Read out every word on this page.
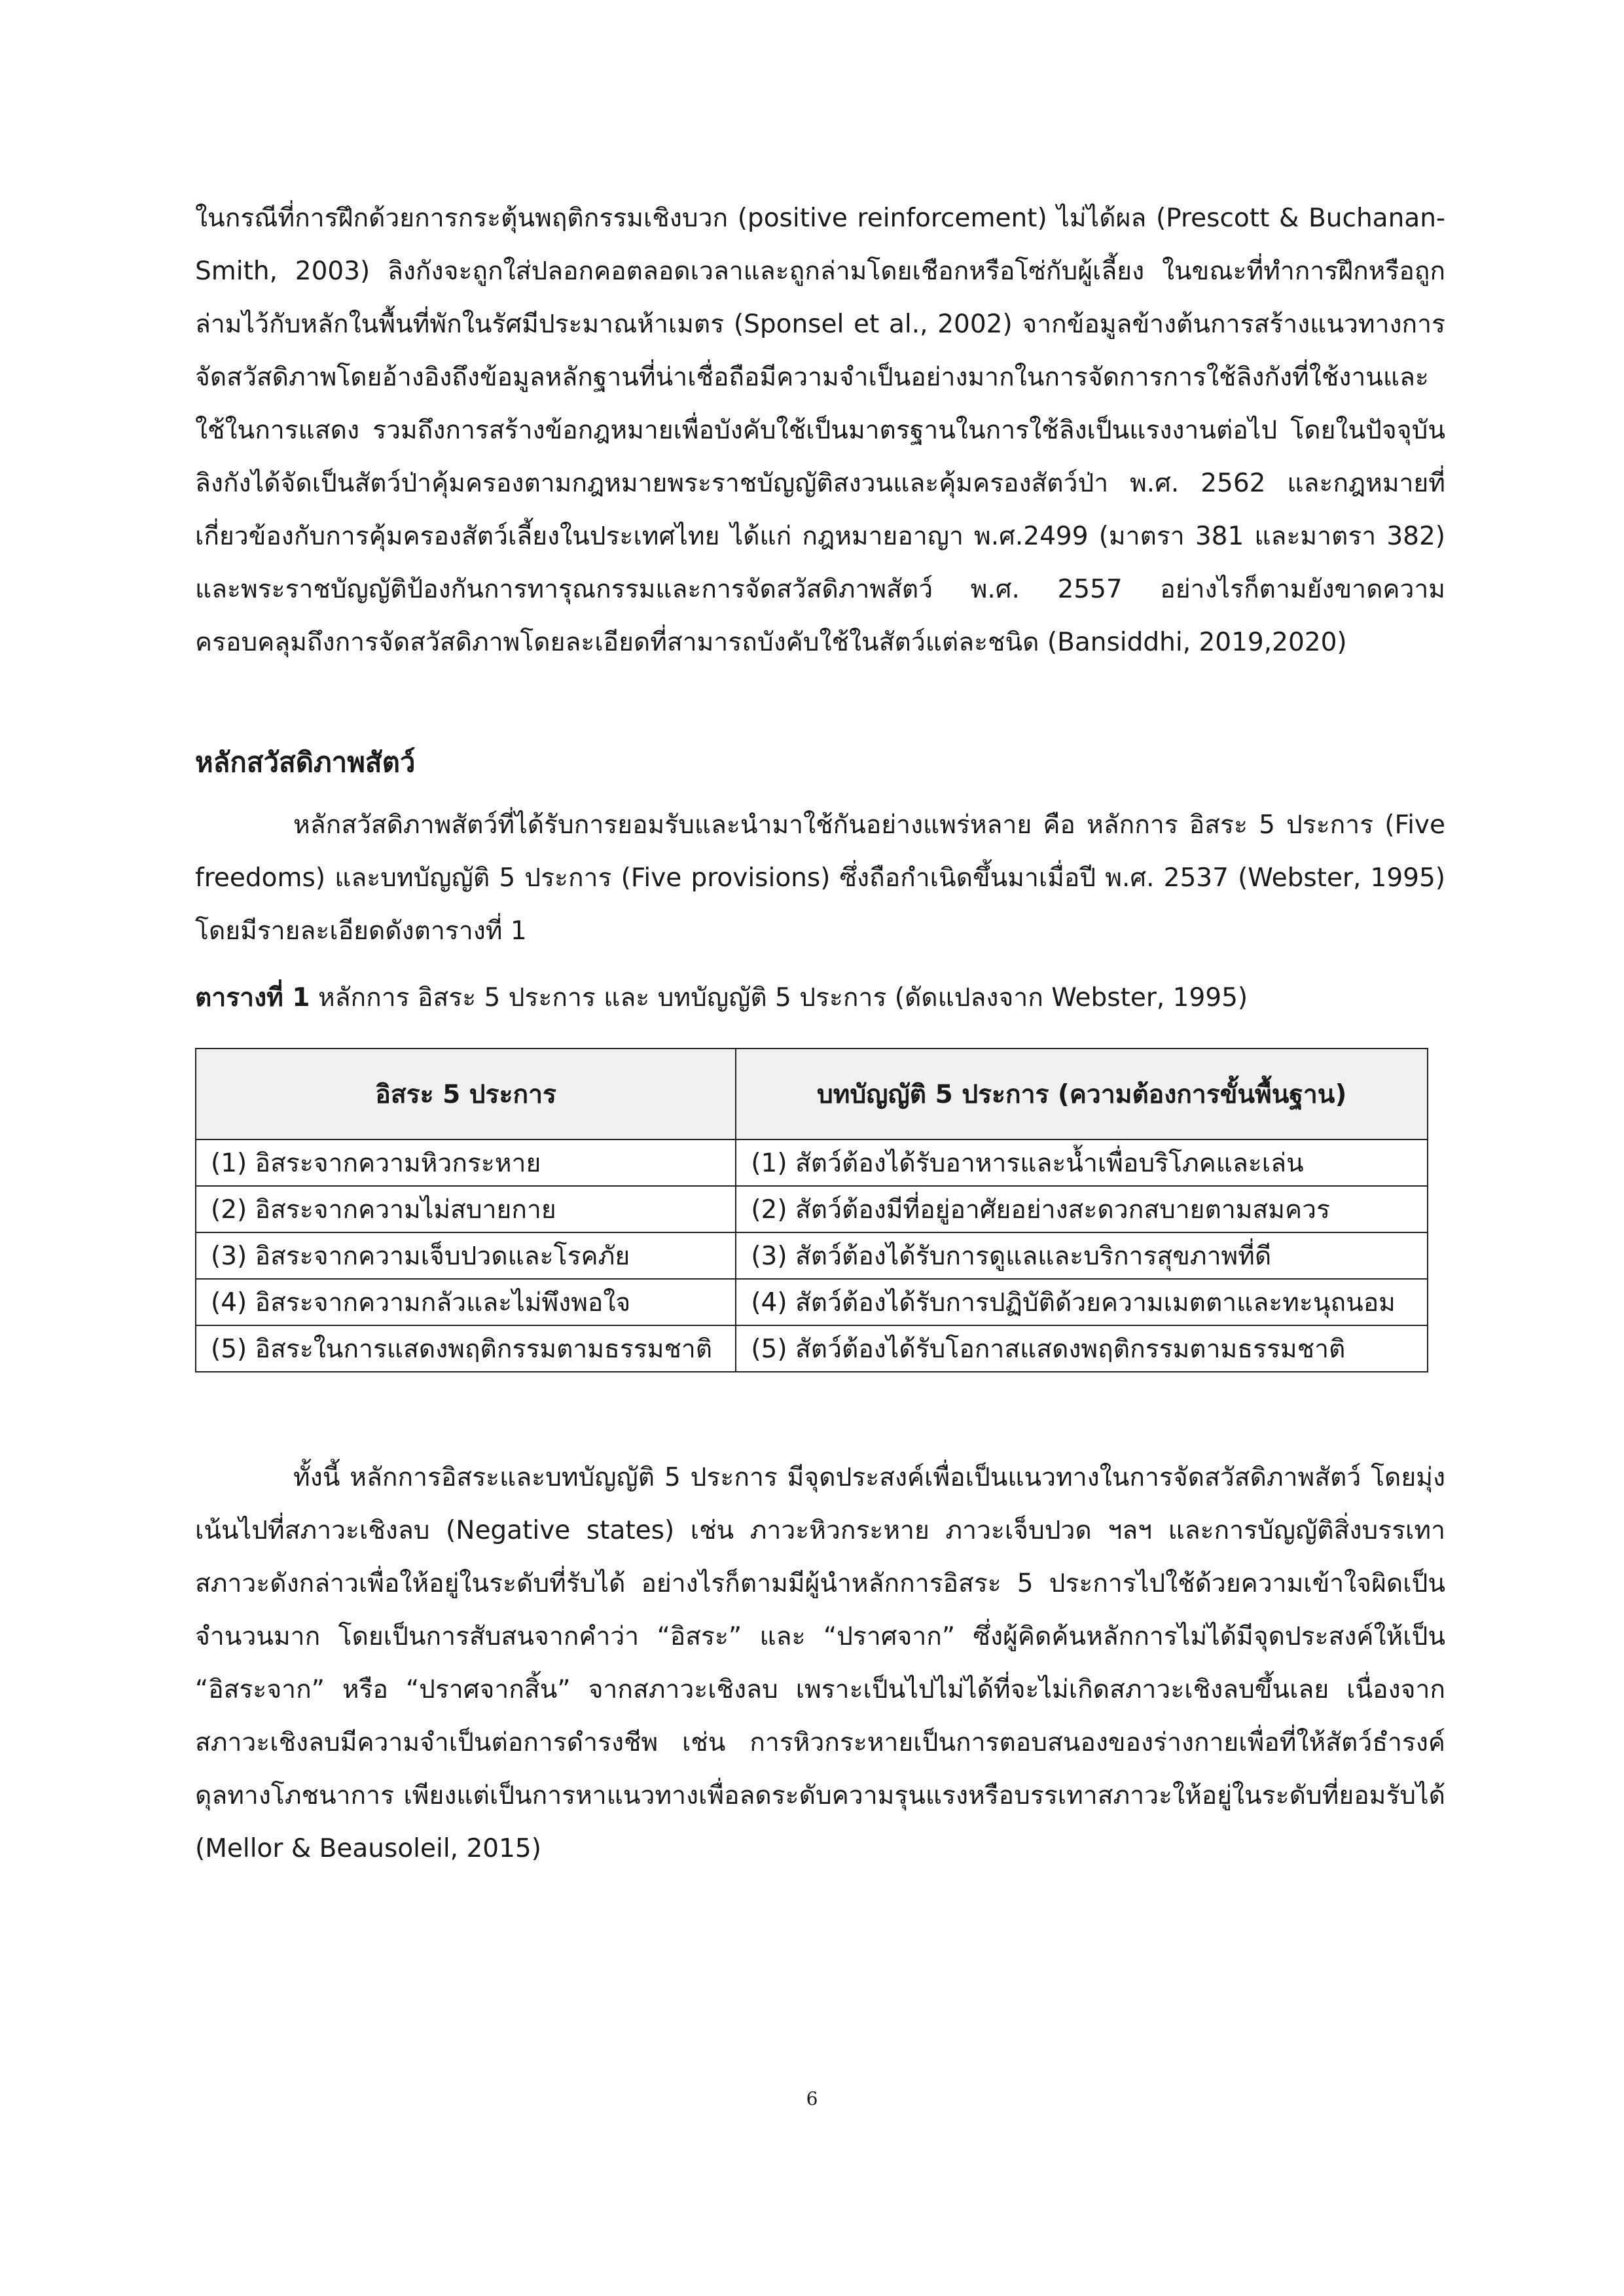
ในกรณีที่การฝึกด้วยการกระตุ้นพฤติกรรมเชิงบวก (positive reinforcement) ไม่ได้ผล (Prescott & Buchanan-Smith, 2003) ลิงกังจะถูกใส่ปลอกคอตลอดเวลาและถูกล่ามโดยเชือกหรือโซ่กับผู้เลี้ยง ในขณะที่ทำการฝึกหรือถูกล่ามไว้กับหลักในพื้นที่พักในรัศมีประมาณห้าเมตร (Sponsel et al., 2002) จากข้อมูลข้างต้นการสร้างแนวทางการจัดสวัสดิภาพโดยอ้างอิงถึงข้อมูลหลักฐานที่น่าเชื่อถือมีความจำเป็นอย่างมากในการจัดการการใช้ลิงกังที่ใช้งานและใช้ในการแสดง รวมถึงการสร้างข้อกฎหมายเพื่อบังคับใช้เป็นมาตรฐานในการใช้ลิงเป็นแรงงานต่อไป โดยในปัจจุบันลิงกังได้จัดเป็นสัตว์ป่าคุ้มครองตามกฎหมายพระราชบัญญัติสงวนและคุ้มครองสัตว์ป่า พ.ศ. 2562 และกฎหมายที่เกี่ยวข้องกับการคุ้มครองสัตว์เลี้ยงในประเทศไทย ได้แก่ กฎหมายอาญา พ.ศ.2499 (มาตรา 381 และมาตรา 382) และพระราชบัญญัติป้องกันการทารุณกรรมและการจัดสวัสดิภาพสัตว์ พ.ศ. 2557 อย่างไรก็ตามยังขาดความครอบคลุมถึงการจัดสวัสดิภาพโดยละเอียดที่สามารถบังคับใช้ในสัตว์แต่ละชนิด (Bansiddhi, 2019,2020)

หลักสวัสดิภาพสัตว์

หลักสวัสดิภาพสัตว์ที่ได้รับการยอมรับและนำมาใช้กันอย่างแพร่หลาย คือ หลักการ อิสระ 5 ประการ (Five freedoms) และบทบัญญัติ 5 ประการ (Five provisions) ซึ่งถือกำเนิดขึ้นมาเมื่อปี พ.ศ. 2537 (Webster, 1995) โดยมีรายละเอียดดังตารางที่ 1

ตารางที่ 1 หลักการ อิสระ 5 ประการ และ บทบัญญัติ 5 ประการ (ดัดแปลงจาก Webster, 1995)

อิสระ 5 ประการ	บทบัญญัติ 5 ประการ (ความต้องการขั้นพื้นฐาน)
(1) อิสระจากความหิวกระหาย	(1) สัตว์ต้องได้รับอาหารและน้ำเพื่อบริโภคและเล่น
(2) อิสระจากความไม่สบายกาย	(2) สัตว์ต้องมีที่อยู่อาศัยอย่างสะดวกสบายตามสมควร
(3) อิสระจากความเจ็บปวดและโรคภัย	(3) สัตว์ต้องได้รับการดูแลและบริการสุขภาพที่ดี
(4) อิสระจากความกลัวและไม่พึงพอใจ	(4) สัตว์ต้องได้รับการปฏิบัติด้วยความเมตตาและทะนุถนอม
(5) อิสระในการแสดงพฤติกรรมตามธรรมชาติ	(5) สัตว์ต้องได้รับโอกาสแสดงพฤติกรรมตามธรรมชาติ

ทั้งนี้ หลักการอิสระและบทบัญญัติ 5 ประการ มีจุดประสงค์เพื่อเป็นแนวทางในการจัดสวัสดิภาพสัตว์ โดยมุ่งเน้นไปที่สภาวะเชิงลบ (Negative states) เช่น ภาวะหิวกระหาย ภาวะเจ็บปวด ฯลฯ และการบัญญัติสิ่งบรรเทาสภาวะดังกล่าวเพื่อให้อยู่ในระดับที่รับได้ อย่างไรก็ตามมีผู้นำหลักการอิสระ 5 ประการไปใช้ด้วยความเข้าใจผิดเป็นจำนวนมาก โดยเป็นการสับสนจากคำว่า “อิสระ” และ “ปราศจาก” ซึ่งผู้คิดค้นหลักการไม่ได้มีจุดประสงค์ให้เป็น “อิสระจาก” หรือ “ปราศจากสิ้น” จากสภาวะเชิงลบ เพราะเป็นไปไม่ได้ที่จะไม่เกิดสภาวะเชิงลบขึ้นเลย เนื่องจากสภาวะเชิงลบมีความจำเป็นต่อการดำรงชีพ เช่น การหิวกระหายเป็นการตอบสนองของร่างกายเพื่อที่ให้สัตว์ธำรงค์ดุลทางโภชนาการ เพียงแต่เป็นการหาแนวทางเพื่อลดระดับความรุนแรงหรือบรรเทาสภาวะให้อยู่ในระดับที่ยอมรับได้ (Mellor & Beausoleil, 2015)

6
